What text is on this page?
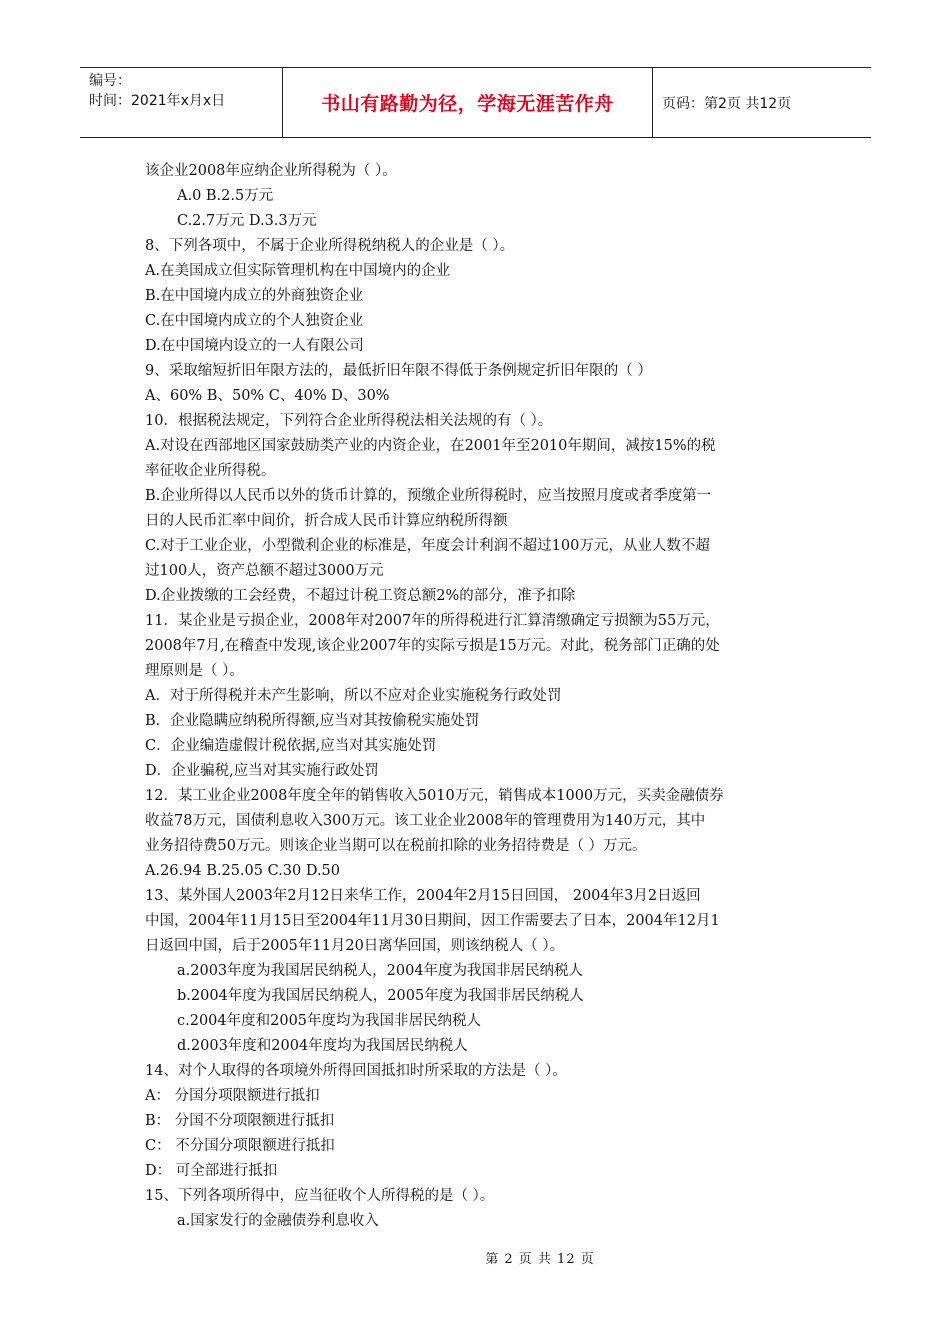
编号：
时间：2021年x月x日	书山有路勤为径，学海无涯苦作舟	页码：第2页 共12页
该企业2008年应纳企业所得税为（ ）。
A.0 B.2.5万元
C.2.7万元 D.3.3万元
8、下列各项中，不属于企业所得税纳税人的企业是（ ）。
A.在美国成立但实际管理机构在中国境内的企业
B.在中国境内成立的外商独资企业
C.在中国境内成立的个人独资企业
D.在中国境内设立的一人有限公司
9、采取缩短折旧年限方法的，最低折旧年限不得低于条例规定折旧年限的（ ）
A、60% B、50% C、40% D、30%
10．根据税法规定，下列符合企业所得税法相关法规的有（ ）。
A.对设在西部地区国家鼓励类产业的内资企业，在2001年至2010年期间，减按15%的税
率征收企业所得税。
B.企业所得以人民币以外的货币计算的，预缴企业所得税时，应当按照月度或者季度第一
日的人民币汇率中间价，折合成人民币计算应纳税所得额
C.对于工业企业，小型微利企业的标准是，年度会计利润不超过100万元，从业人数不超
过100人，资产总额不超过3000万元
D.企业拨缴的工会经费，不超过计税工资总额2%的部分，准予扣除
11．某企业是亏损企业，2008年对2007年的所得税进行汇算清缴确定亏损额为55万元，
2008年7月,在稽查中发现,该企业2007年的实际亏损是15万元。对此，税务部门正确的处
理原则是（ ）。
A．对于所得税并未产生影响，所以不应对企业实施税务行政处罚
B．企业隐瞒应纳税所得额,应当对其按偷税实施处罚
C．企业编造虚假计税依据,应当对其实施处罚
D．企业骗税,应当对其实施行政处罚
12．某工业企业2008年度全年的销售收入5010万元，销售成本1000万元，买卖金融债券
收益78万元，国债利息收入300万元。该工业企业2008年的管理费用为140万元，其中
业务招待费50万元。则该企业当期可以在税前扣除的业务招待费是（ ）万元。
A.26.94 B.25.05 C.30 D.50
13、某外国人2003年2月12日来华工作，2004年2月15日回国， 2004年3月2日返回
中国，2004年11月15日至2004年11月30日期间，因工作需要去了日本，2004年12月1
日返回中国，后于2005年11月20日离华回国，则该纳税人（ ）。
a.2003年度为我国居民纳税人，2004年度为我国非居民纳税人
b.2004年度为我国居民纳税人，2005年度为我国非居民纳税人
c.2004年度和2005年度均为我国非居民纳税人
d.2003年度和2004年度均为我国居民纳税人
14、对个人取得的各项境外所得回国抵扣时所采取的方法是（ ）。
A： 分国分项限额进行抵扣
B： 分国不分项限额进行抵扣
C： 不分国分项限额进行抵扣
D： 可全部进行抵扣
15、下列各项所得中，应当征收个人所得税的是（ ）。
a.国家发行的金融债券利息收入
第 2 页 共 12 页
